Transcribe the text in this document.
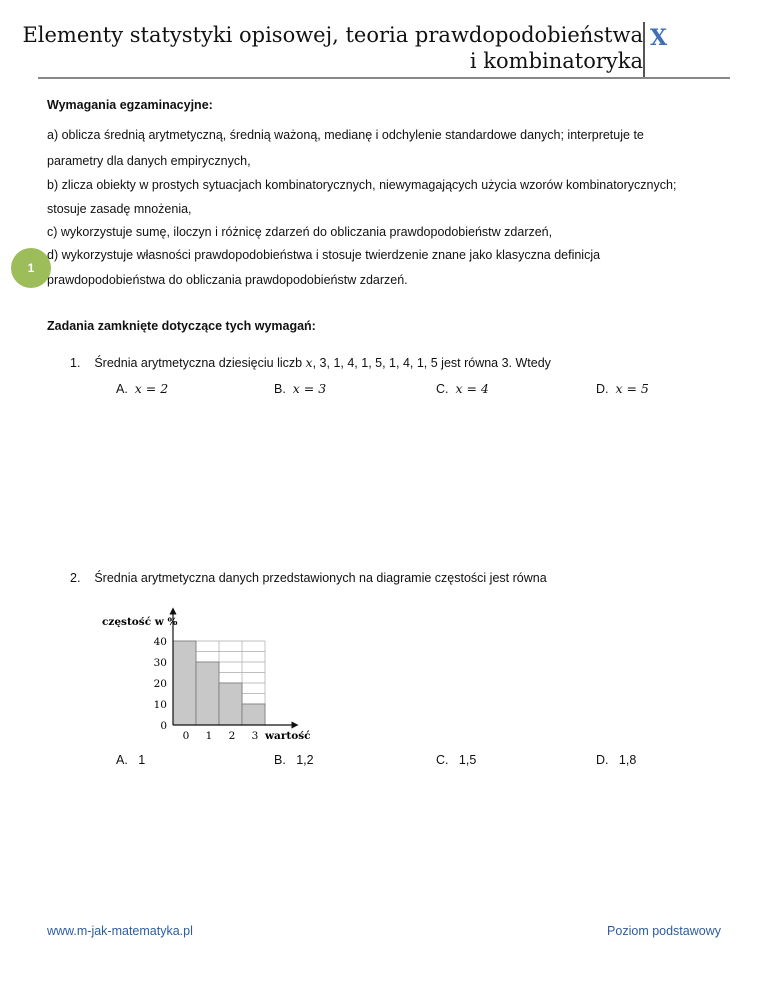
Elementy statystyki opisowej, teoria prawdopodobieństwa
i kombinatoryka
X
Wymagania egzaminacyjne:
a) oblicza średnią arytmetyczną, średnią ważoną, medianę i odchylenie standardowe danych; interpretuje te
parametry dla danych empirycznych,
b) zlicza obiekty w prostych sytuacjach kombinatorycznych, niewymagających użycia wzorów kombinatorycznych;
stosuje zasadę mnożenia,
c) wykorzystuje sumę, iloczyn i różnicę zdarzeń do obliczania prawdopodobieństw zdarzeń,
d) wykorzystuje własności prawdopodobieństwa i stosuje twierdzenie znane jako klasyczna definicja
prawdopodobieństwa do obliczania prawdopodobieństw zdarzeń.
1
Zadania zamknięte dotyczące tych wymagań:
1. Średnia arytmetyczna dziesięciu liczb x, 3, 1, 4, 1, 5, 1, 4, 1, 5 jest równa 3. Wtedy
A. x = 2	B. x = 3	C. x = 4	D. x = 5
2. Średnia arytmetyczna danych przedstawionych na diagramie częstości jest równa
częstość w %
wartość
0
10
20
30
40
0 1 2 3
A. 1	B. 1,2	C. 1,5	D. 1,8
www.m-jak-matematyka.pl	Poziom podstawowy
